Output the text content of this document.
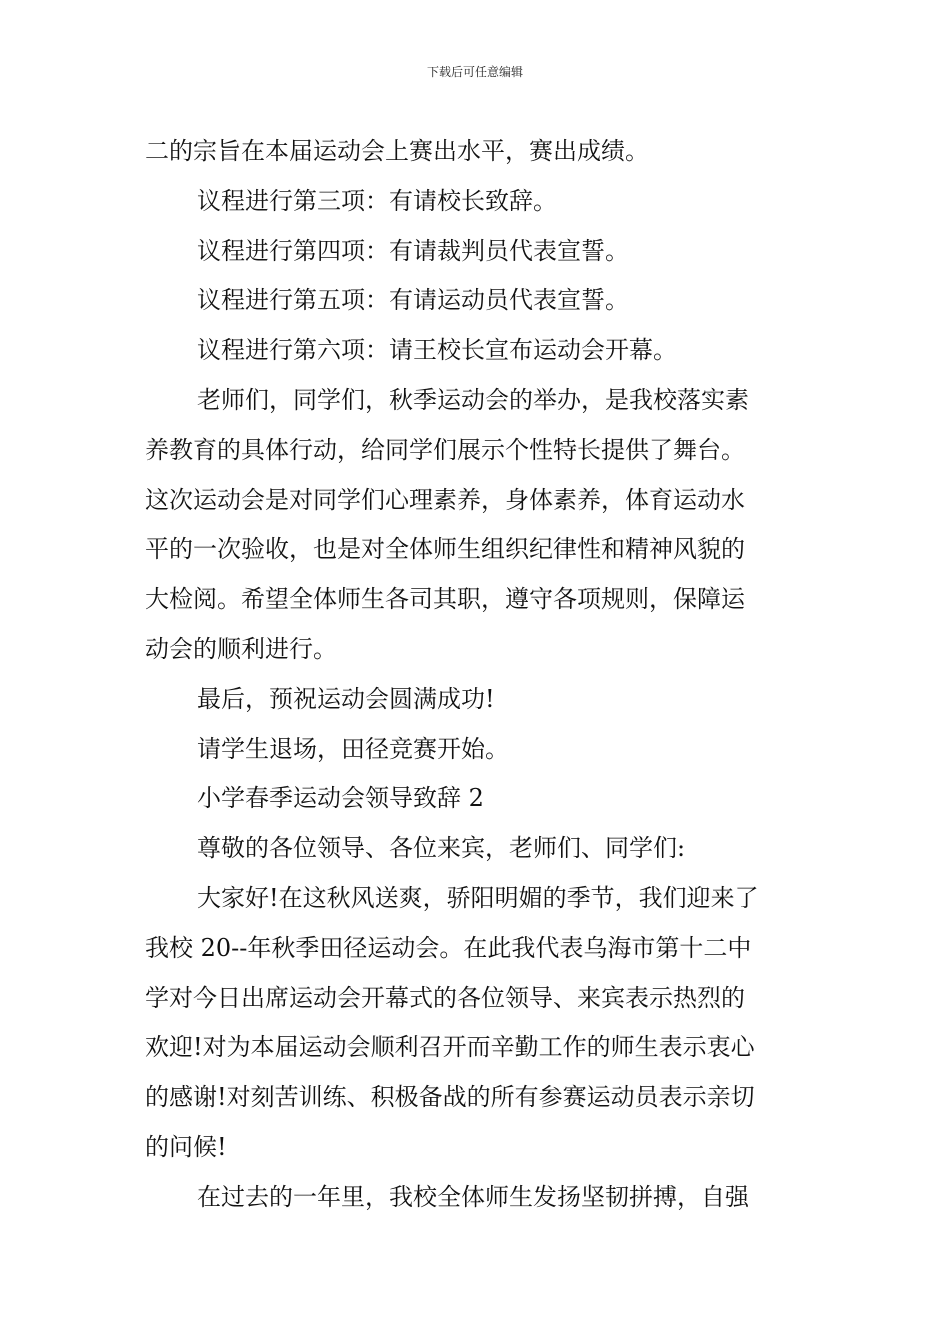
下载后可任意编辑
二的宗旨在本届运动会上赛出水平，赛出成绩。
议程进行第三项：有请校长致辞。
议程进行第四项：有请裁判员代表宣誓。
议程进行第五项：有请运动员代表宣誓。
议程进行第六项：请王校长宣布运动会开幕。
老师们，同学们，秋季运动会的举办，是我校落实素
养教育的具体行动，给同学们展示个性特长提供了舞台。
这次运动会是对同学们心理素养，身体素养，体育运动水
平的一次验收，也是对全体师生组织纪律性和精神风貌的
大检阅。希望全体师生各司其职，遵守各项规则，保障运
动会的顺利进行。
最后，预祝运动会圆满成功!
请学生退场，田径竞赛开始。
小学春季运动会领导致辞 2
尊敬的各位领导、各位来宾，老师们、同学们:
大家好!在这秋风送爽，骄阳明媚的季节，我们迎来了
我校 20--年秋季田径运动会。在此我代表乌海市第十二中
学对今日出席运动会开幕式的各位领导、来宾表示热烈的
欢迎!对为本届运动会顺利召开而辛勤工作的师生表示衷心
的感谢!对刻苦训练、积极备战的所有参赛运动员表示亲切
的问候!
在过去的一年里，我校全体师生发扬坚韧拼搏，自强
